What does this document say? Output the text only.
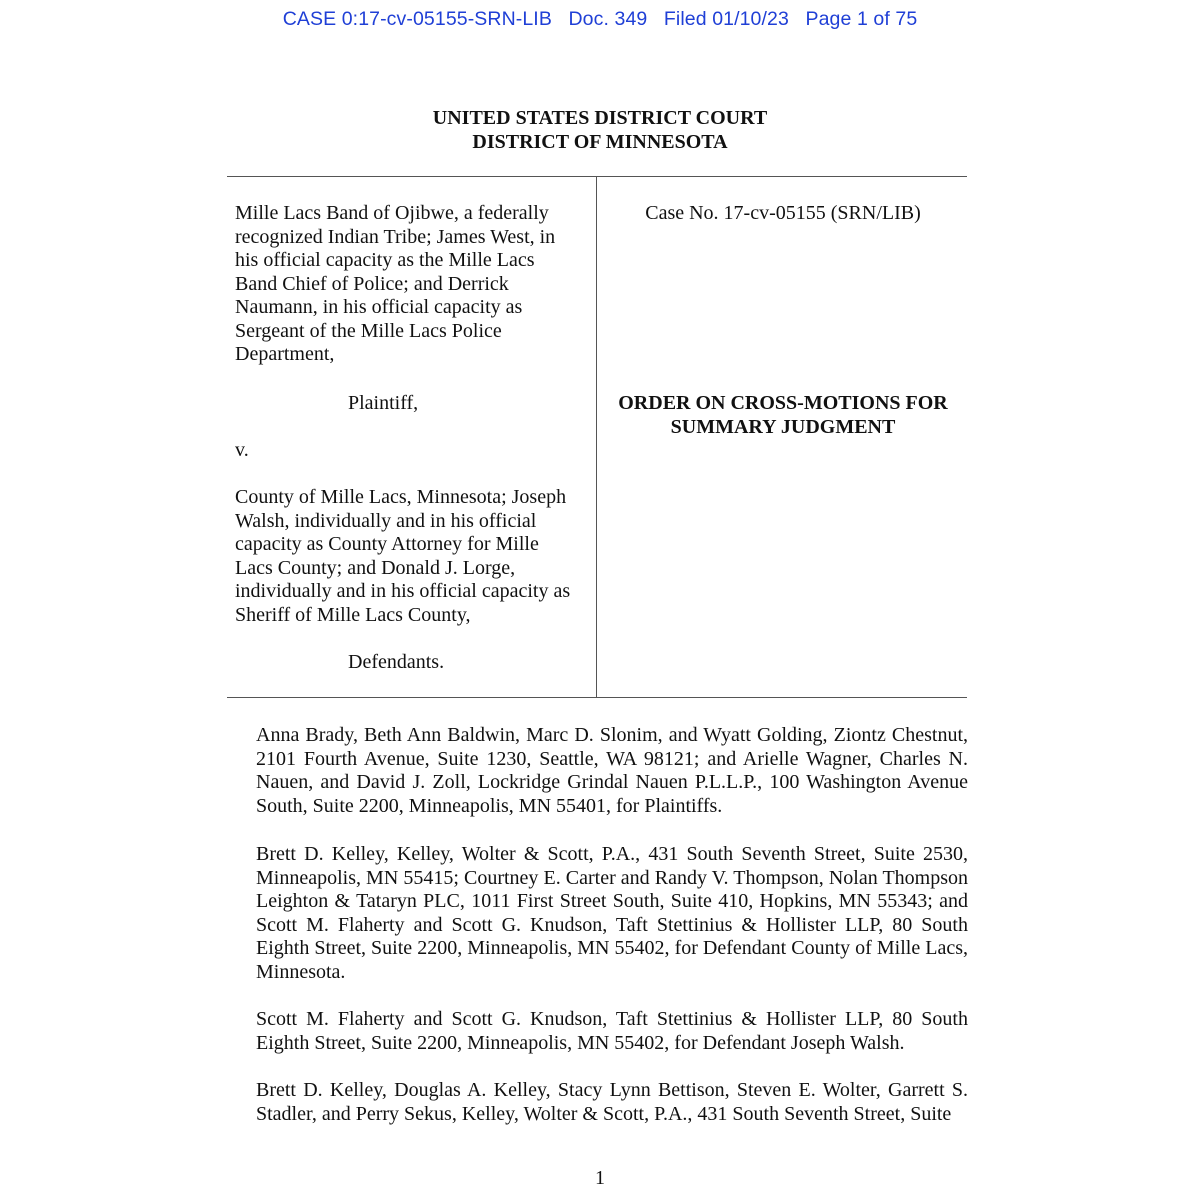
CASE 0:17-cv-05155-SRN-LIB Doc. 349 Filed 01/10/23 Page 1 of 75
UNITED STATES DISTRICT COURT
DISTRICT OF MINNESOTA
Mille Lacs Band of Ojibwe, a federally
recognized Indian Tribe; James West, in
his official capacity as the Mille Lacs
Band Chief of Police; and Derrick
Naumann, in his official capacity as
Sergeant of the Mille Lacs Police
Department,
Plaintiff,
v.
County of Mille Lacs, Minnesota; Joseph
Walsh, individually and in his official
capacity as County Attorney for Mille
Lacs County; and Donald J. Lorge,
individually and in his official capacity as
Sheriff of Mille Lacs County,
Defendants.
Case No. 17-cv-05155 (SRN/LIB)
ORDER ON CROSS-MOTIONS FOR
SUMMARY JUDGMENT
Anna Brady, Beth Ann Baldwin, Marc D. Slonim, and Wyatt Golding, Ziontz Chestnut, 2101 Fourth Avenue, Suite 1230, Seattle, WA 98121; and Arielle Wagner, Charles N. Nauen, and David J. Zoll, Lockridge Grindal Nauen P.L.L.P., 100 Washington Avenue South, Suite 2200, Minneapolis, MN 55401, for Plaintiffs.
Brett D. Kelley, Kelley, Wolter & Scott, P.A., 431 South Seventh Street, Suite 2530, Minneapolis, MN 55415; Courtney E. Carter and Randy V. Thompson, Nolan Thompson Leighton & Tataryn PLC, 1011 First Street South, Suite 410, Hopkins, MN 55343; and Scott M. Flaherty and Scott G. Knudson, Taft Stettinius & Hollister LLP, 80 South Eighth Street, Suite 2200, Minneapolis, MN 55402, for Defendant County of Mille Lacs, Minnesota.
Scott M. Flaherty and Scott G. Knudson, Taft Stettinius & Hollister LLP, 80 South Eighth Street, Suite 2200, Minneapolis, MN 55402, for Defendant Joseph Walsh.
Brett D. Kelley, Douglas A. Kelley, Stacy Lynn Bettison, Steven E. Wolter, Garrett S. Stadler, and Perry Sekus, Kelley, Wolter & Scott, P.A., 431 South Seventh Street, Suite
1
